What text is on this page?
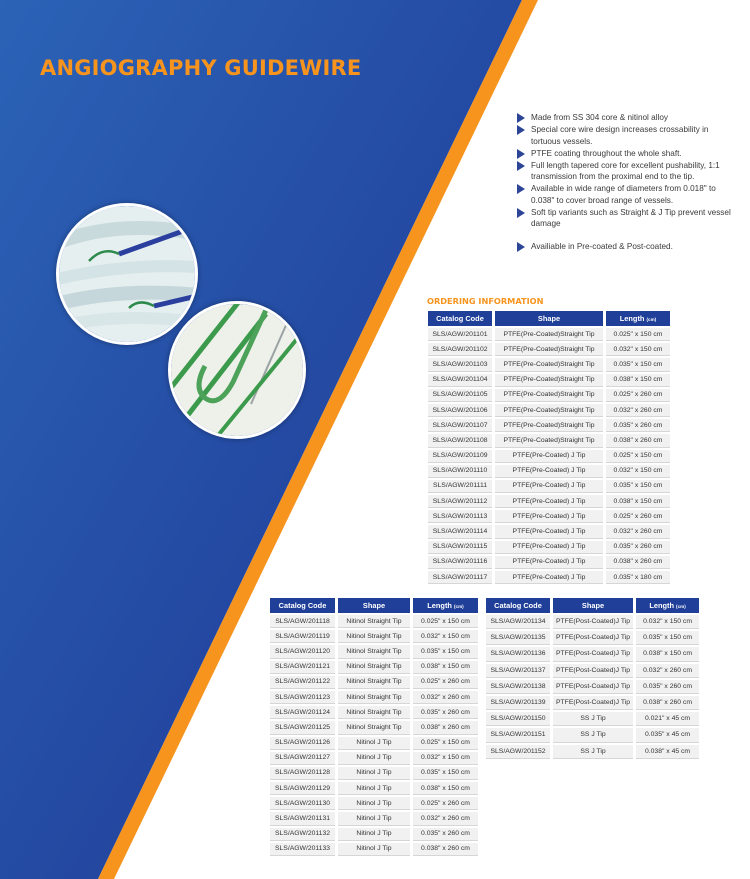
ANGIOGRAPHY GUIDEWIRE
Made from SS 304 core & nitinol alloy
Special core wire design increases crossability in tortuous vessels.
PTFE coating throughout the whole shaft.
Full length tapered core for excellent pushability, 1:1 transmission from the proximal end to the tip.
Available in wide range of diameters from 0.018" to 0.038" to cover broad range of vessels.
Soft tip variants such as Straight & J Tip prevent vessel damage
Availiable in Pre-coated & Post-coated.
ORDERING INFORMATION
Catalog Code	Shape	Length (cm)
SLS/AGW/201101	PTFE(Pre-Coated)Straight Tip	0.025" x 150 cm
SLS/AGW/201102	PTFE(Pre-Coated)Straight Tip	0.032" x 150 cm
SLS/AGW/201103	PTFE(Pre-Coated)Straight Tip	0.035" x 150 cm
SLS/AGW/201104	PTFE(Pre-Coated)Straight Tip	0.038" x 150 cm
SLS/AGW/201105	PTFE(Pre-Coated)Straight Tip	0.025" x 260 cm
SLS/AGW/201106	PTFE(Pre-Coated)Straight Tip	0.032" x 260 cm
SLS/AGW/201107	PTFE(Pre-Coated)Straight Tip	0.035" x 260 cm
SLS/AGW/201108	PTFE(Pre-Coated)Straight Tip	0.038" x 260 cm
SLS/AGW/201109	PTFE(Pre-Coated) J Tip	0.025" x 150 cm
SLS/AGW/201110	PTFE(Pre-Coated) J Tip	0.032" x 150 cm
SLS/AGW/201111	PTFE(Pre-Coated) J Tip	0.035" x 150 cm
SLS/AGW/201112	PTFE(Pre-Coated) J Tip	0.038" x 150 cm
SLS/AGW/201113	PTFE(Pre-Coated) J Tip	0.025" x 260 cm
SLS/AGW/201114	PTFE(Pre-Coated) J Tip	0.032" x 260 cm
SLS/AGW/201115	PTFE(Pre-Coated) J Tip	0.035" x 260 cm
SLS/AGW/201116	PTFE(Pre-Coated) J Tip	0.038" x 260 cm
SLS/AGW/201117	PTFE(Pre-Coated) J Tip	0.035" x 180 cm
Catalog Code	Shape	Length (cm)
SLS/AGW/201118	Nitinol Straight Tip	0.025" x 150 cm
SLS/AGW/201119	Nitinol Straight Tip	0.032" x 150 cm
SLS/AGW/201120	Nitinol Straight Tip	0.035" x 150 cm
SLS/AGW/201121	Nitinol Straight Tip	0.038" x 150 cm
SLS/AGW/201122	Nitinol Straight Tip	0.025" x 260 cm
SLS/AGW/201123	Nitinol Straight Tip	0.032" x 260 cm
SLS/AGW/201124	Nitinol Straight Tip	0.035" x 260 cm
SLS/AGW/201125	Nitinol Straight Tip	0.038" x 260 cm
SLS/AGW/201126	Nitinol J Tip	0.025" x 150 cm
SLS/AGW/201127	Nitinol J Tip	0.032" x 150 cm
SLS/AGW/201128	Nitinol J Tip	0.035" x 150 cm
SLS/AGW/201129	Nitinol J Tip	0.038" x 150 cm
SLS/AGW/201130	Nitinol J Tip	0.025" x 260 cm
SLS/AGW/201131	Nitinol J Tip	0.032" x 260 cm
SLS/AGW/201132	Nitinol J Tip	0.035" x 260 cm
SLS/AGW/201133	Nitinol J Tip	0.038" x 260 cm
Catalog Code	Shape	Length (cm)
SLS/AGW/201134	PTFE(Post-Coated)J Tip	0.032" x 150 cm
SLS/AGW/201135	PTFE(Post-Coated)J Tip	0.035" x 150 cm
SLS/AGW/201136	PTFE(Post-Coated)J Tip	0.038" x 150 cm
SLS/AGW/201137	PTFE(Post-Coated)J Tip	0.032" x 260 cm
SLS/AGW/201138	PTFE(Post-Coated)J Tip	0.035" x 260 cm
SLS/AGW/201139	PTFE(Post-Coated)J Tip	0.038" x 260 cm
SLS/AGW/201150	SS J Tip	0.021" x 45 cm
SLS/AGW/201151	SS J Tip	0.035" x 45 cm
SLS/AGW/201152	SS J Tip	0.038" x 45 cm
